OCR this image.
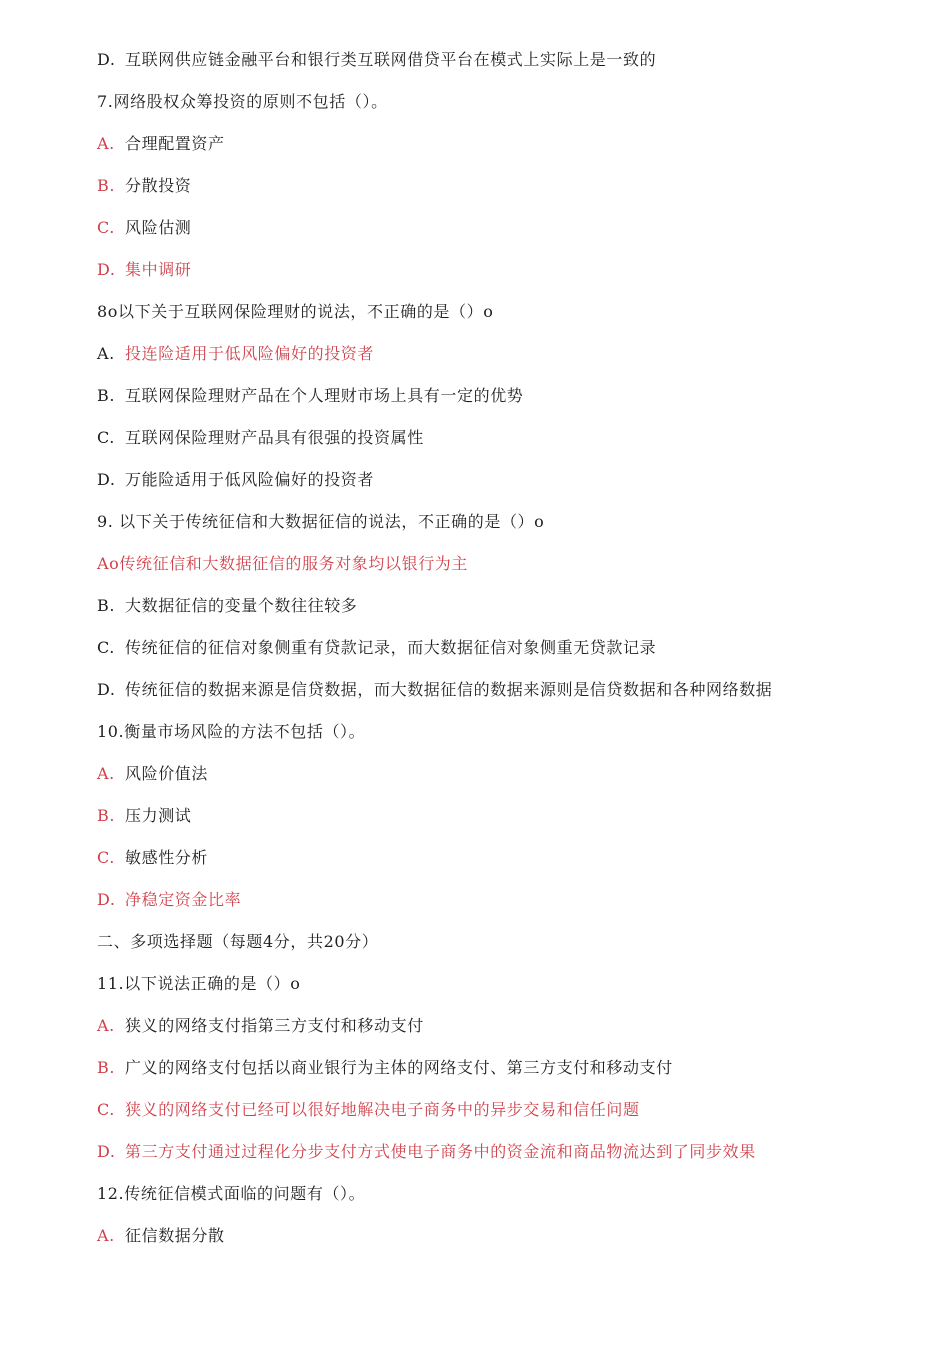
D. 互联网供应链金融平台和银行类互联网借贷平台在模式上实际上是一致的
7.网络股权众筹投资的原则不包括（）。
A. 合理配置资产
B. 分散投资
C. 风险估测
D. 集中调研
8o以下关于互联网保险理财的说法，不正确的是（）o
A. 投连险适用于低风险偏好的投资者
B. 互联网保险理财产品在个人理财市场上具有一定的优势
C. 互联网保险理财产品具有很强的投资属性
D. 万能险适用于低风险偏好的投资者
9. 以下关于传统征信和大数据征信的说法，不正确的是（）o
Ao传统征信和大数据征信的服务对象均以银行为主
B. 大数据征信的变量个数往往较多
C. 传统征信的征信对象侧重有贷款记录，而大数据征信对象侧重无贷款记录
D. 传统征信的数据来源是信贷数据，而大数据征信的数据来源则是信贷数据和各种网络数据
10.衡量市场风险的方法不包括（）。
A. 风险价值法
B. 压力测试
C. 敏感性分析
D. 净稳定资金比率
二、多项选择题（每题4分，共20分）
11.以下说法正确的是（）o
A. 狭义的网络支付指第三方支付和移动支付
B. 广义的网络支付包括以商业银行为主体的网络支付、第三方支付和移动支付
C. 狭义的网络支付已经可以很好地解决电子商务中的异步交易和信任问题
D. 第三方支付通过过程化分步支付方式使电子商务中的资金流和商品物流达到了同步效果
12.传统征信模式面临的问题有（）。
A. 征信数据分散
